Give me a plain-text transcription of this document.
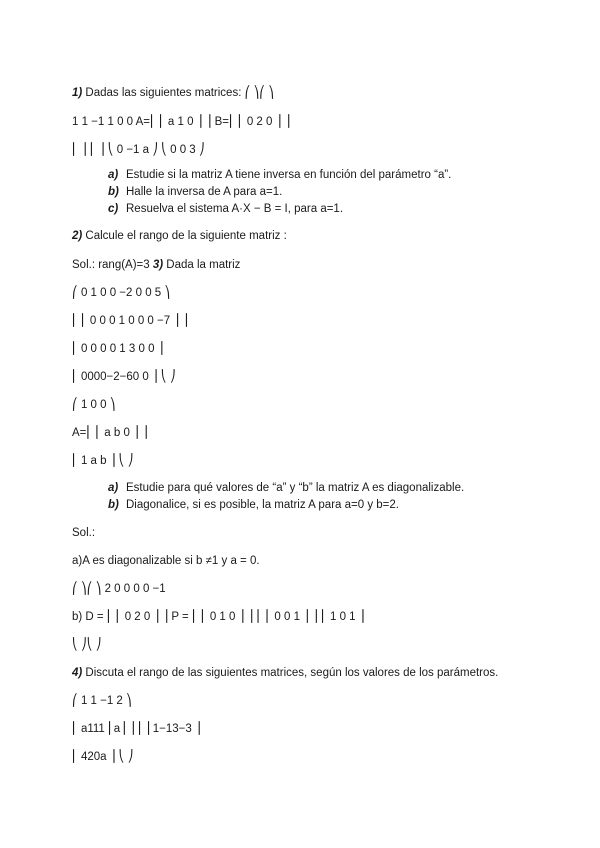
1) Dadas las siguientes matrices: ⎛ ⎞⎛ ⎞
1 1 −1 1 0 0 A=⎜ ⎜ a 1 0 ⎟ ⎟ B=⎜ ⎜ 0 2 0 ⎟ ⎟
⎜ ⎟ ⎜ ⎟ ⎝ 0 −1 a ⎠ ⎝ 0 0 3 ⎠
a) Estudie si la matriz A tiene inversa en función del parámetro “a”.
b) Halle la inversa de A para a=1.
c) Resuelva el sistema A·X − B = I, para a=1.
2) Calcule el rango de la siguiente matriz :
Sol.: rang(A)=3 3) Dada la matriz
⎛ 0 1 0 0 −2 0 0 5 ⎞
⎜ ⎜ 0 0 0 1 0 0 0 −7 ⎟ ⎟
⎜ 0 0 0 0 1 3 0 0 ⎟
⎜ 0000−2−60 0 ⎟ ⎝ ⎠
⎛ 1 0 0 ⎞
A=⎜ ⎜ a b 0 ⎟ ⎟
⎜ 1 a b ⎟ ⎝ ⎠
a) Estudie para qué valores de “a” y “b” la matriz A es diagonalizable.
b) Diagonalice, si es posible, la matriz A para a=0 y b=2.
Sol.:
a)A es diagonalizable si b ≠1 y a = 0.
⎛ ⎞⎛ ⎞ 2 0 0 0 0 −1
b) D = ⎜ ⎜ 0 2 0 ⎟ ⎟ P = ⎜ ⎜ 0 1 0 ⎟ ⎟ ⎜ ⎜ 0 0 1 ⎟ ⎟ ⎜ 1 0 1 ⎟
⎝ ⎠⎝ ⎠
4) Discuta el rango de las siguientes matrices, según los valores de los parámetros.
⎛ 1 1 −1 2 ⎞
⎜ a111 ⎜a⎟ ⎟ ⎜ ⎜1−13−3 ⎟
⎜ 420a ⎟ ⎝ ⎠
